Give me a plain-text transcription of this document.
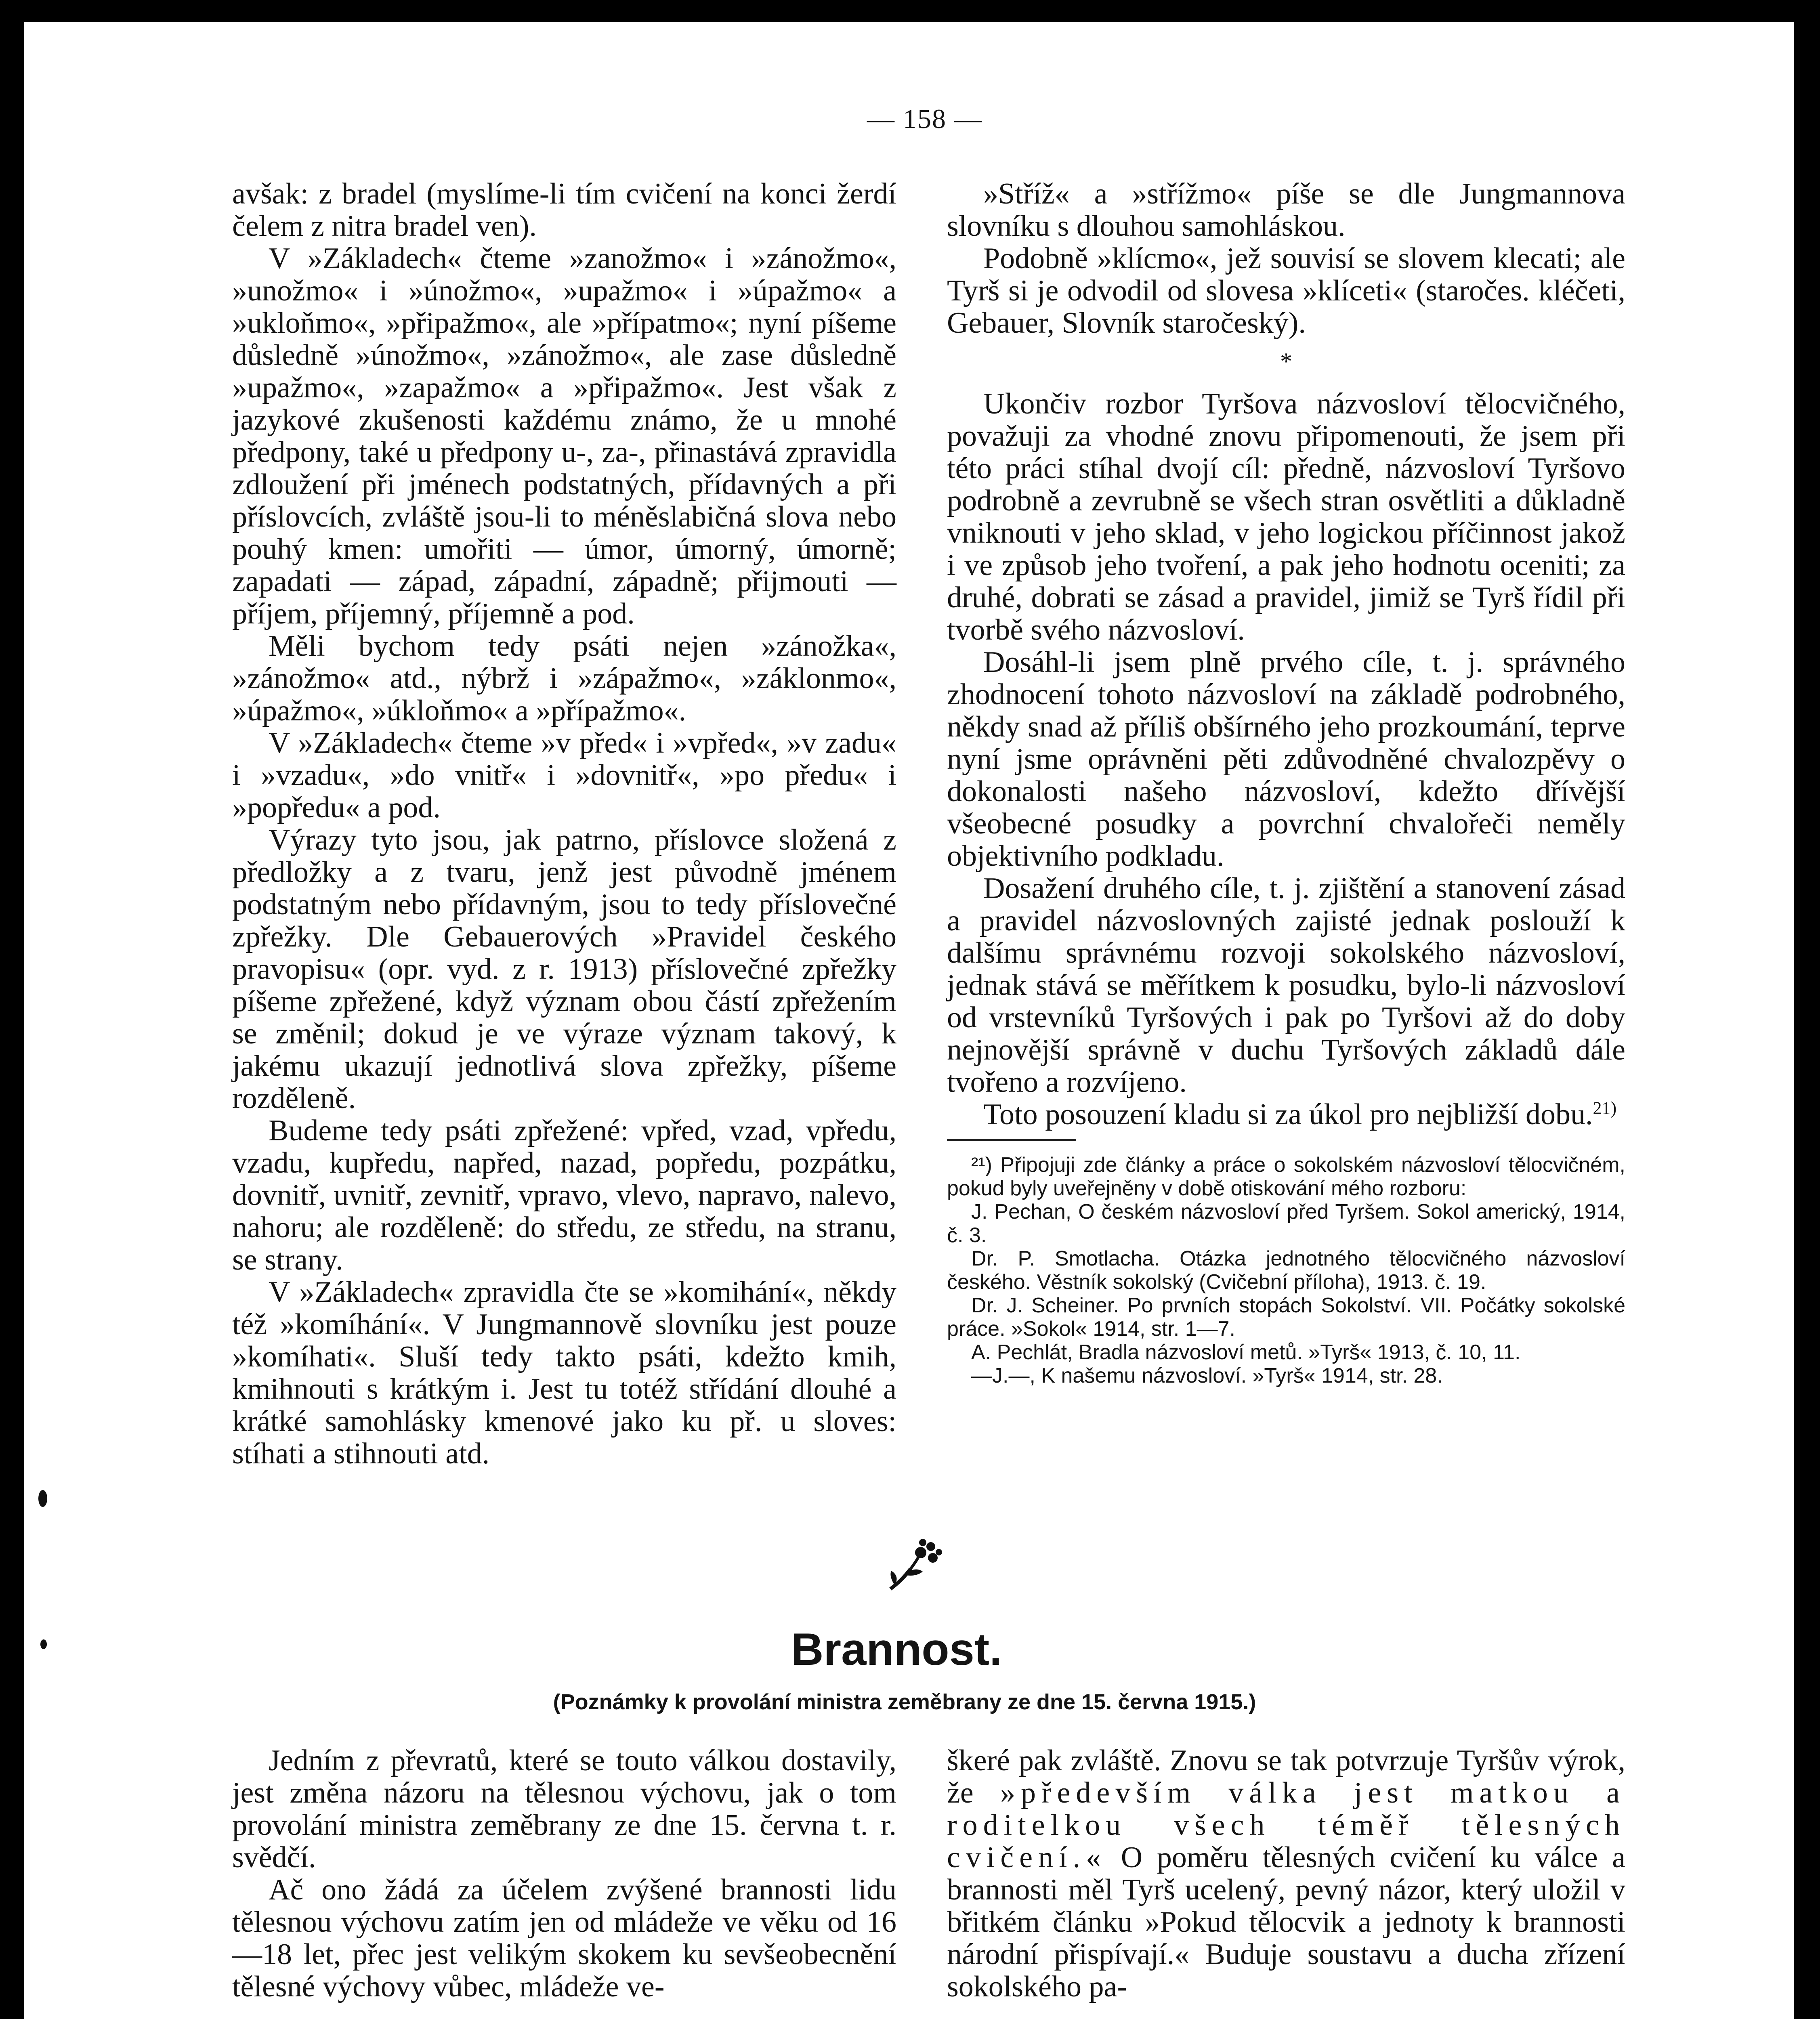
— 158 —

avšak: z bradel (myslíme-li tím cvičení na konci žerdí čelem z nitra bradel ven).

V »Základech« čteme »zanožmo« i »zánožmo«, »unožmo« i »únožmo«, »upažmo« i »úpažmo« a »ukloňmo«, »připažmo«, ale »přípatmo«; nyní píšeme důsledně »únožmo«, »zánožmo«, ale zase důsledně »upažmo«, »zapažmo« a »připažmo«. Jest však z jazykové zkušenosti každému známo, že u mnohé předpony, také u předpony u-, za-, přinastává zpravidla zdloužení při jménech podstatných, přídavných a při příslovcích, zvláště jsou-li to méněslabičná slova nebo pouhý kmen: umořiti — úmor, úmorný, úmorně; zapadati — západ, západní, západně; přijmouti — příjem, příjemný, příjemně a pod.

Měli bychom tedy psáti nejen »zánožka«, »zánožmo« atd., nýbrž i »zápažmo«, »záklonmo«, »úpažmo«, »úkloňmo« a »přípažmo«.

V »Základech« čteme »v před« i »vpřed«, »v zadu« i »vzadu«, »do vnitř« i »dovnitř«, »po předu« i »popředu« a pod.

Výrazy tyto jsou, jak patrno, příslovce složená z předložky a z tvaru, jenž jest původně jménem podstatným nebo přídavným, jsou to tedy příslovečné zpřežky. Dle Gebauerových »Pravidel českého pravopisu« (opr. vyd. z r. 1913) příslovečné zpřežky píšeme zpřežené, když význam obou částí zpřežením se změnil; dokud je ve výraze význam takový, k jakému ukazují jednotlivá slova zpřežky, píšeme rozděleně.

Budeme tedy psáti zpřežené: vpřed, vzad, vpředu, vzadu, kupředu, napřed, nazad, popředu, pozpátku, dovnitř, uvnitř, zevnitř, vpravo, vlevo, napravo, nalevo, nahoru; ale rozděleně: do středu, ze středu, na stranu, se strany.

V »Základech« zpravidla čte se »komihání«, někdy též »komíhání«. V Jungmannově slovníku jest pouze »komíhati«. Sluší tedy takto psáti, kdežto kmih, kmihnouti s krátkým i. Jest tu totéž střídání dlouhé a krátké samohlásky kmenové jako ku př. u sloves: stíhati a stihnouti atd.

»Stříž« a »střížmo« píše se dle Jungmannova slovníku s dlouhou samohláskou.

Podobně »klícmo«, jež souvisí se slovem klecati; ale Tyrš si je odvodil od slovesa »klíceti« (staročes. kléčeti, Gebauer, Slovník staročeský).

*

Ukončiv rozbor Tyršova názvosloví tělocvičného, považuji za vhodné znovu připomenouti, že jsem při této práci stíhal dvojí cíl: předně, názvosloví Tyršovo podrobně a zevrubně se všech stran osvětliti a důkladně vniknouti v jeho sklad, v jeho logickou příčinnost jakož i ve způsob jeho tvoření, a pak jeho hodnotu oceniti; za druhé, dobrati se zásad a pravidel, jimiž se Tyrš řídil při tvorbě svého názvosloví.

Dosáhl-li jsem plně prvého cíle, t. j. správného zhodnocení tohoto názvosloví na základě podrobného, někdy snad až příliš obšírného jeho prozkoumání, teprve nyní jsme oprávněni pěti zdůvodněné chvalozpěvy o dokonalosti našeho názvosloví, kdežto dřívější všeobecné posudky a povrchní chvalořeči neměly objektivního podkladu.

Dosažení druhého cíle, t. j. zjištění a stanovení zásad a pravidel názvoslovných zajisté jednak poslouží k dalšímu správnému rozvoji sokolského názvosloví, jednak stává se měřítkem k posudku, bylo-li názvosloví od vrstevníků Tyršových i pak po Tyršovi až do doby nejnovější správně v duchu Tyršových základů dále tvořeno a rozvíjeno.

Toto posouzení kladu si za úkol pro nejbližší dobu.$^{21)}$

²¹) Připojuji zde články a práce o sokolském názvosloví tělocvičném, pokud byly uveřejněny v době otiskování mého rozboru:

J. Pechan, O českém názvosloví před Tyršem. Sokol americký, 1914, č. 3.

Dr. P. Smotlacha. Otázka jednotného tělocvičného názvosloví českého. Věstník sokolský (Cvičební příloha), 1913. č. 19.

Dr. J. Scheiner. Po prvních stopách Sokolství. VII. Počátky sokolské práce. »Sokol« 1914, str. 1—7.

A. Pechlát, Bradla názvosloví metů. »Tyrš« 1913, č. 10, 11.

—J.—, K našemu názvosloví. »Tyrš« 1914, str. 28.

Brannost.
(Poznámky k provolání ministra zeměbrany ze dne 15. června 1915.)

Jedním z převratů, které se touto válkou dostavily, jest změna názoru na tělesnou výchovu, jak o tom provolání ministra zeměbrany ze dne 15. června t. r. svědčí.

Ač ono žádá za účelem zvýšené brannosti lidu tělesnou výchovu zatím jen od mládeže ve věku od 16—18 let, přec jest velikým skokem ku sevšeobecnění tělesné výchovy vůbec, mládeže ve-

škeré pak zvláště. Znovu se tak potvrzuje Tyršův výrok, že »především válka jest matkou a roditelkou všech téměř tělesných cvičení.« O poměru tělesných cvičení ku válce a brannosti měl Tyrš ucelený, pevný názor, který uložil v břitkém článku »Pokud tělocvik a jednoty k brannosti národní přispívají.« Buduje soustavu a ducha zřízení sokolského pa-
